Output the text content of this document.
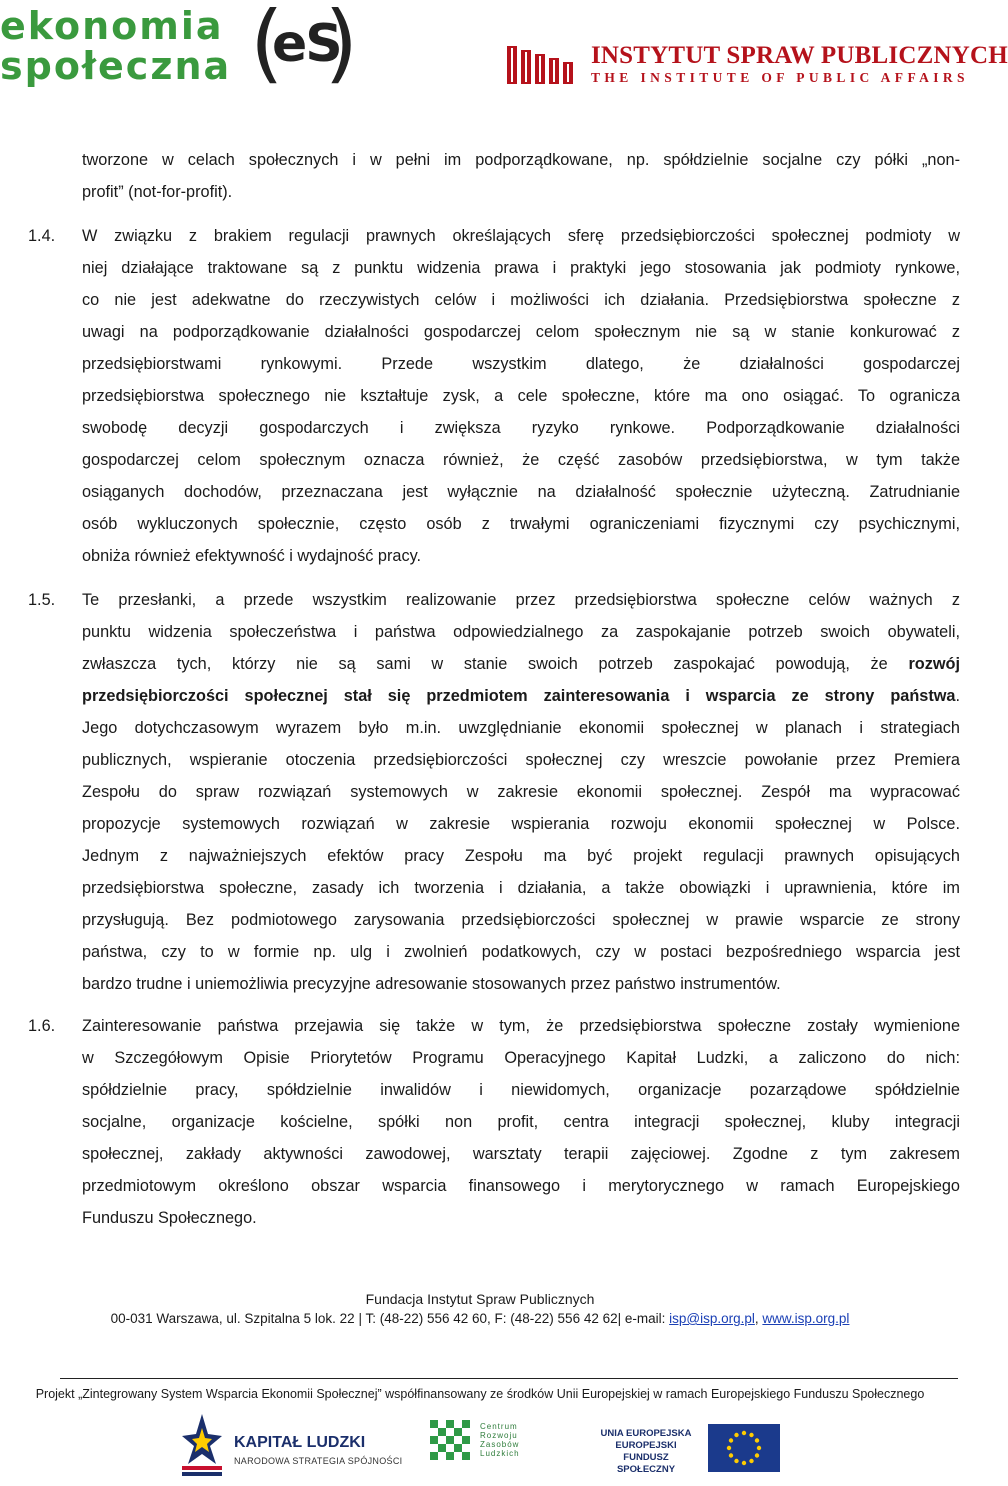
ekonomia
społeczna (
eS
)	INSTYTUT SPRAW PUBLICZNYCH
THE INSTITUTE OF PUBLIC AFFAIRS
tworzone w celach społecznych i w pełni im podporządkowane, np. spółdzielnie socjalne czy półki „non-
profit” (not-for-profit).
1.4. W związku z brakiem regulacji prawnych określających sferę przedsiębiorczości społecznej podmioty w
niej działające traktowane są z punktu widzenia prawa i praktyki jego stosowania jak podmioty rynkowe,
co nie jest adekwatne do rzeczywistych celów i możliwości ich działania. Przedsiębiorstwa społeczne z
uwagi na podporządkowanie działalności gospodarczej celom społecznym nie są w stanie konkurować z
przedsiębiorstwami rynkowymi. Przede wszystkim dlatego, że działalności gospodarczej
przedsiębiorstwa społecznego nie kształtuje zysk, a cele społeczne, które ma ono osiągać. To ogranicza
swobodę decyzji gospodarczych i zwiększa ryzyko rynkowe. Podporządkowanie działalności
gospodarczej celom społecznym oznacza również, że część zasobów przedsiębiorstwa, w tym także
osiąganych dochodów, przeznaczana jest wyłącznie na działalność społecznie użyteczną. Zatrudnianie
osób wykluczonych społecznie, często osób z trwałymi ograniczeniami fizycznymi czy psychicznymi,
obniża również efektywność i wydajność pracy.
1.5. Te przesłanki, a przede wszystkim realizowanie przez przedsiębiorstwa społeczne celów ważnych z
punktu widzenia społeczeństwa i państwa odpowiedzialnego za zaspokajanie potrzeb swoich obywateli,
zwłaszcza tych, którzy nie są sami w stanie swoich potrzeb zaspokajać powodują, że rozwój
przedsiębiorczości społecznej stał się przedmiotem zainteresowania i wsparcia ze strony państwa.
Jego dotychczasowym wyrazem było m.in. uwzględnianie ekonomii społecznej w planach i strategiach
publicznych, wspieranie otoczenia przedsiębiorczości społecznej czy wreszcie powołanie przez Premiera
Zespołu do spraw rozwiązań systemowych w zakresie ekonomii społecznej. Zespół ma wypracować
propozycje systemowych rozwiązań w zakresie wspierania rozwoju ekonomii społecznej w Polsce.
Jednym z najważniejszych efektów pracy Zespołu ma być projekt regulacji prawnych opisujących
przedsiębiorstwa społeczne, zasady ich tworzenia i działania, a także obowiązki i uprawnienia, które im
przysługują. Bez podmiotowego zarysowania przedsiębiorczości społecznej w prawie wsparcie ze strony
państwa, czy to w formie np. ulg i zwolnień podatkowych, czy w postaci bezpośredniego wsparcia jest
bardzo trudne i uniemożliwia precyzyjne adresowanie stosowanych przez państwo instrumentów.
1.6. Zainteresowanie państwa przejawia się także w tym, że przedsiębiorstwa społeczne zostały wymienione
w Szczegółowym Opisie Priorytetów Programu Operacyjnego Kapitał Ludzki, a zaliczono do nich:
spółdzielnie pracy, spółdzielnie inwalidów i niewidomych, organizacje pozarządowe spółdzielnie
socjalne, organizacje kościelne, spółki non profit, centra integracji społecznej, kluby integracji
społecznej, zakłady aktywności zawodowej, warsztaty terapii zajęciowej. Zgodne z tym zakresem
przedmiotowym określono obszar wsparcia finansowego i merytorycznego w ramach Europejskiego
Funduszu Społecznego.
Fundacja Instytut Spraw Publicznych
00-031 Warszawa, ul. Szpitalna 5 lok. 22 | T: (48-22) 556 42 60, F: (48-22) 556 42 62| e-mail: isp@isp.org.pl, www.isp.org.pl
Projekt „Zintegrowany System Wsparcia Ekonomii Społecznej” współfinansowany ze środków Unii Europejskiej w ramach Europejskiego Funduszu Społecznego
KAPITAŁ LUDZKI
NARODOWA STRATEGIA SPÓJNOŚCI
Centrum
Rozwoju
Zasobów
Ludzkich
UNIA EUROPEJSKA
EUROPEJSKI
FUNDUSZ SPOŁECZNY
